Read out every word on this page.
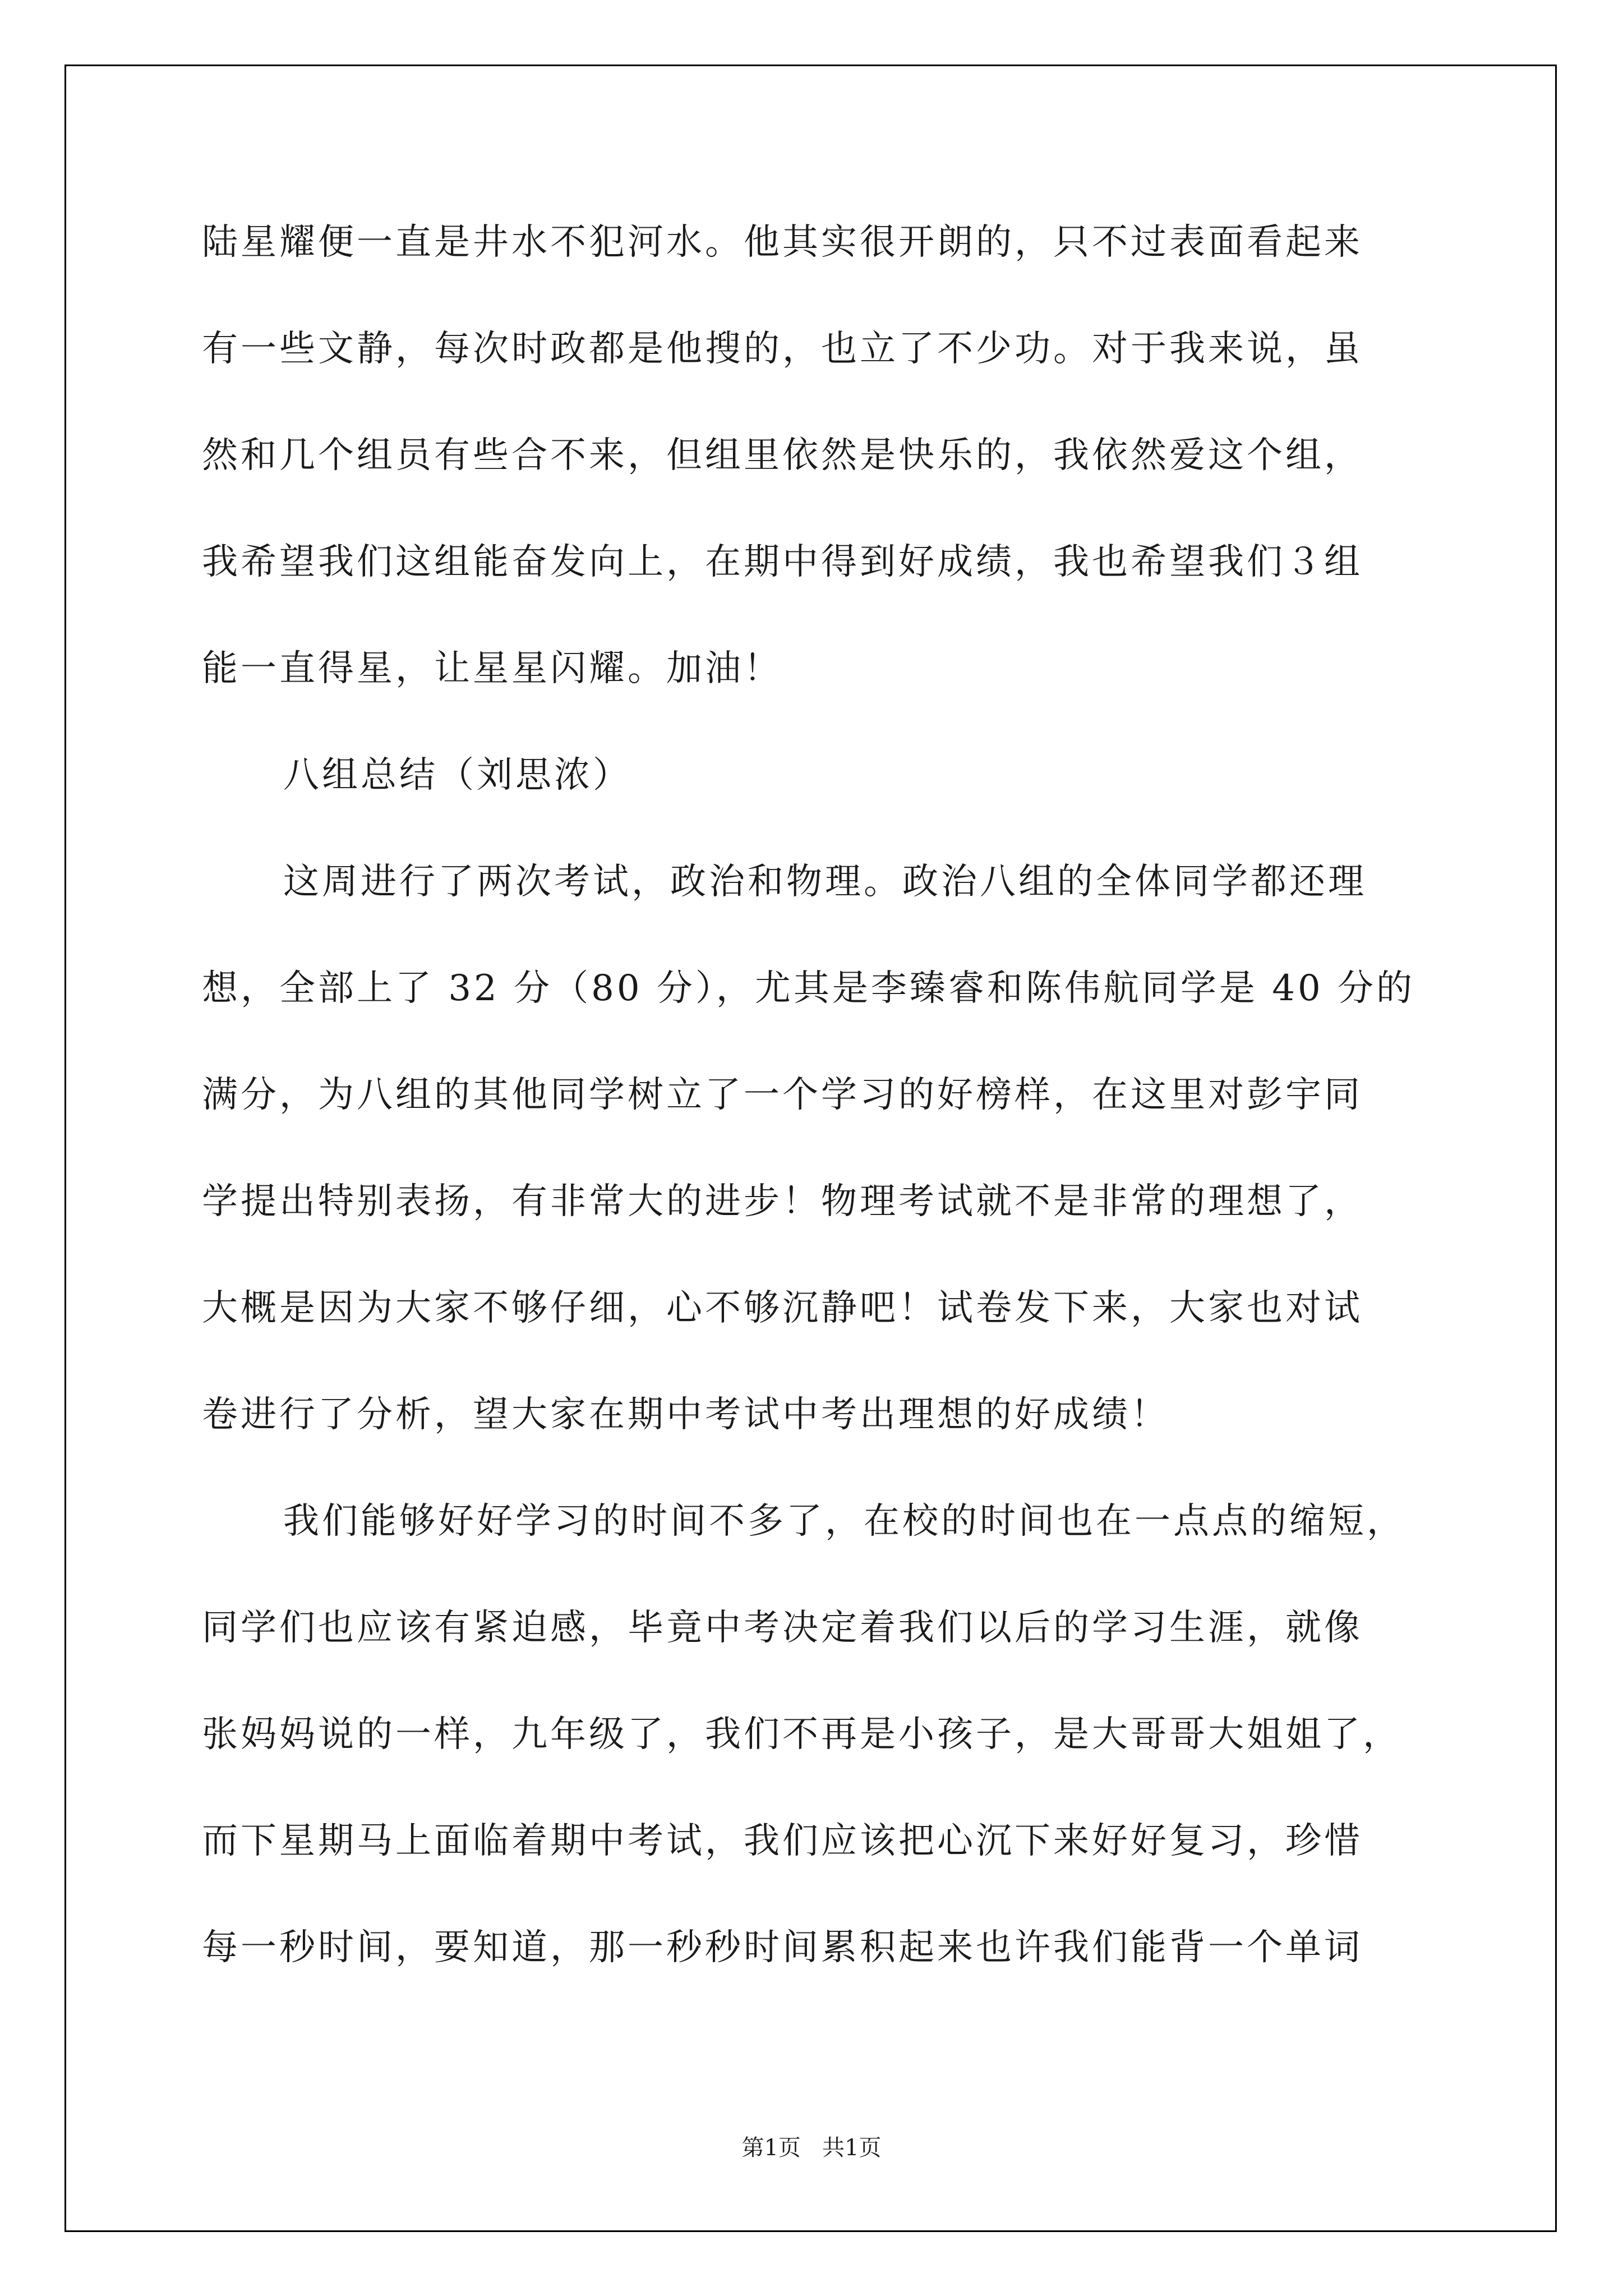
陆星耀便一直是井水不犯河水。他其实很开朗的，只不过表面看起来
有一些文静，每次时政都是他搜的，也立了不少功。对于我来说，虽
然和几个组员有些合不来，但组里依然是快乐的，我依然爱这个组，
我希望我们这组能奋发向上，在期中得到好成绩，我也希望我们３组
能一直得星，让星星闪耀。加油！
八组总结（刘思浓）
这周进行了两次考试，政治和物理。政治八组的全体同学都还理
想，全部上了 32 分（80 分），尤其是李臻睿和陈伟航同学是 40 分的
满分，为八组的其他同学树立了一个学习的好榜样，在这里对彭宇同
学提出特别表扬，有非常大的进步！物理考试就不是非常的理想了，
大概是因为大家不够仔细，心不够沉静吧！试卷发下来，大家也对试
卷进行了分析，望大家在期中考试中考出理想的好成绩！
我们能够好好学习的时间不多了，在校的时间也在一点点的缩短，
同学们也应该有紧迫感，毕竟中考决定着我们以后的学习生涯，就像
张妈妈说的一样，九年级了，我们不再是小孩子，是大哥哥大姐姐了，
而下星期马上面临着期中考试，我们应该把心沉下来好好复习，珍惜
每一秒时间，要知道，那一秒秒时间累积起来也许我们能背一个单词
第1页   共1页
